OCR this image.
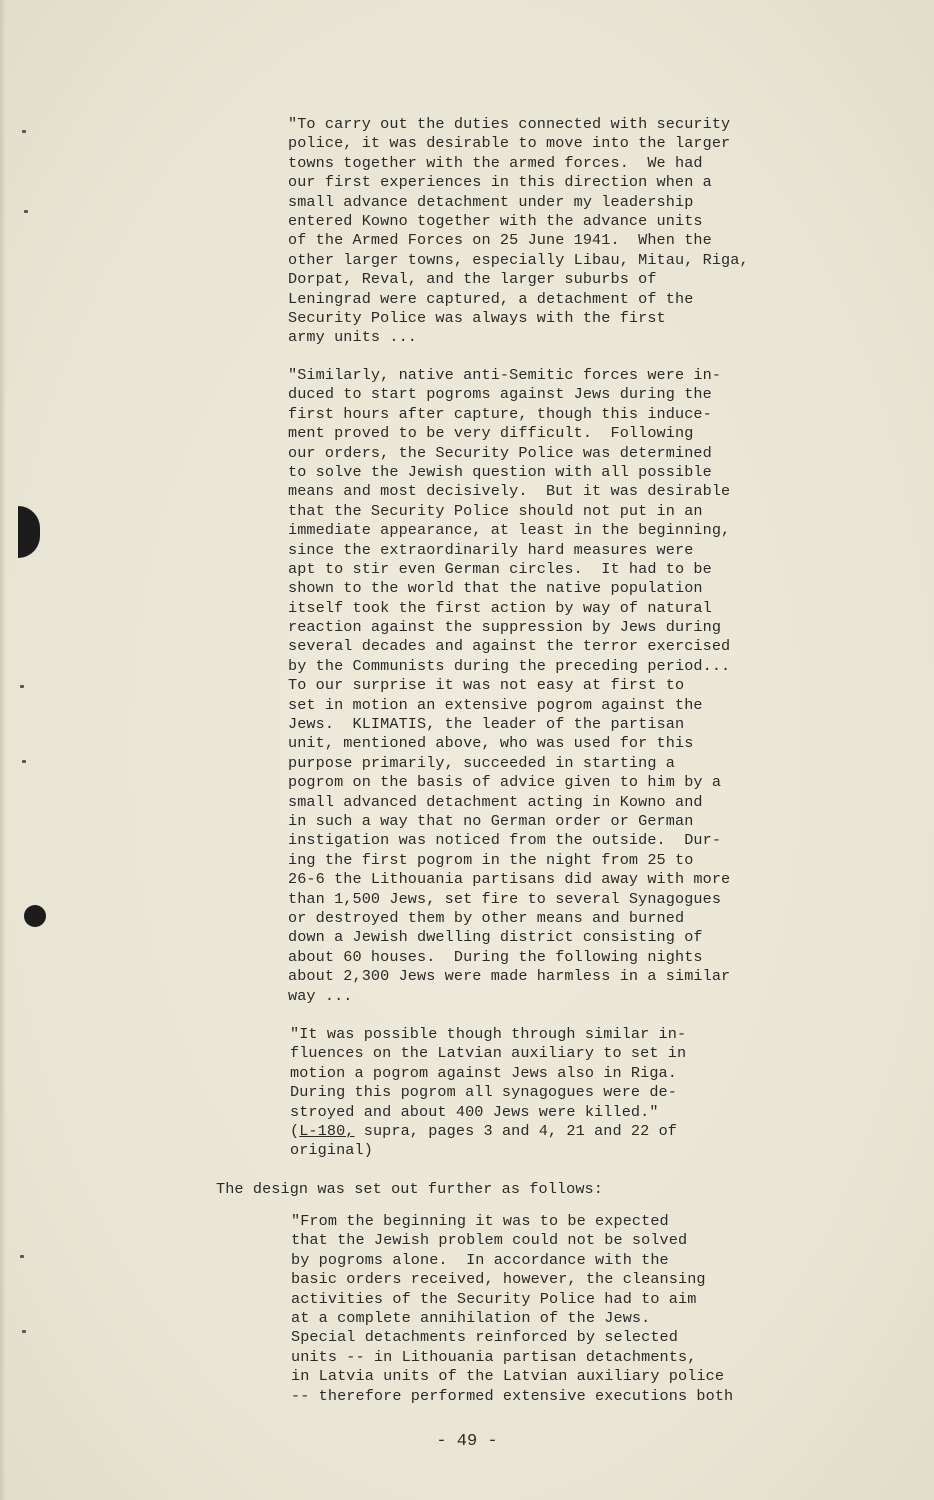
"To carry out the duties connected with security
police, it was desirable to move into the larger
towns together with the armed forces.  We had
our first experiences in this direction when a
small advance detachment under my leadership
entered Kowno together with the advance units
of the Armed Forces on 25 June 1941.  When the
other larger towns, especially Libau, Mitau, Riga,
Dorpat, Reval, and the larger suburbs of
Leningrad were captured, a detachment of the
Security Police was always with the first
army units ...
"Similarly, native anti-Semitic forces were in-
duced to start pogroms against Jews during the
first hours after capture, though this induce-
ment proved to be very difficult.  Following
our orders, the Security Police was determined
to solve the Jewish question with all possible
means and most decisively.  But it was desirable
that the Security Police should not put in an
immediate appearance, at least in the beginning,
since the extraordinarily hard measures were
apt to stir even German circles.  It had to be
shown to the world that the native population
itself took the first action by way of natural
reaction against the suppression by Jews during
several decades and against the terror exercised
by the Communists during the preceding period...
To our surprise it was not easy at first to
set in motion an extensive pogrom against the
Jews.  KLIMATIS, the leader of the partisan
unit, mentioned above, who was used for this
purpose primarily, succeeded in starting a
pogrom on the basis of advice given to him by a
small advanced detachment acting in Kowno and
in such a way that no German order or German
instigation was noticed from the outside.  Dur-
ing the first pogrom in the night from 25 to
26-6 the Lithouania partisans did away with more
than 1,500 Jews, set fire to several Synagogues
or destroyed them by other means and burned
down a Jewish dwelling district consisting of
about 60 houses.  During the following nights
about 2,300 Jews were made harmless in a similar
way ...
"It was possible though through similar in-
fluences on the Latvian auxiliary to set in
motion a pogrom against Jews also in Riga.
During this pogrom all synagogues were de-
stroyed and about 400 Jews were killed."
(L-180, supra, pages 3 and 4, 21 and 22 of
original)
The design was set out further as follows:
"From the beginning it was to be expected
that the Jewish problem could not be solved
by pogroms alone.  In accordance with the
basic orders received, however, the cleansing
activities of the Security Police had to aim
at a complete annihilation of the Jews.
Special detachments reinforced by selected
units -- in Lithouania partisan detachments,
in Latvia units of the Latvian auxiliary police
-- therefore performed extensive executions both
- 49 -
